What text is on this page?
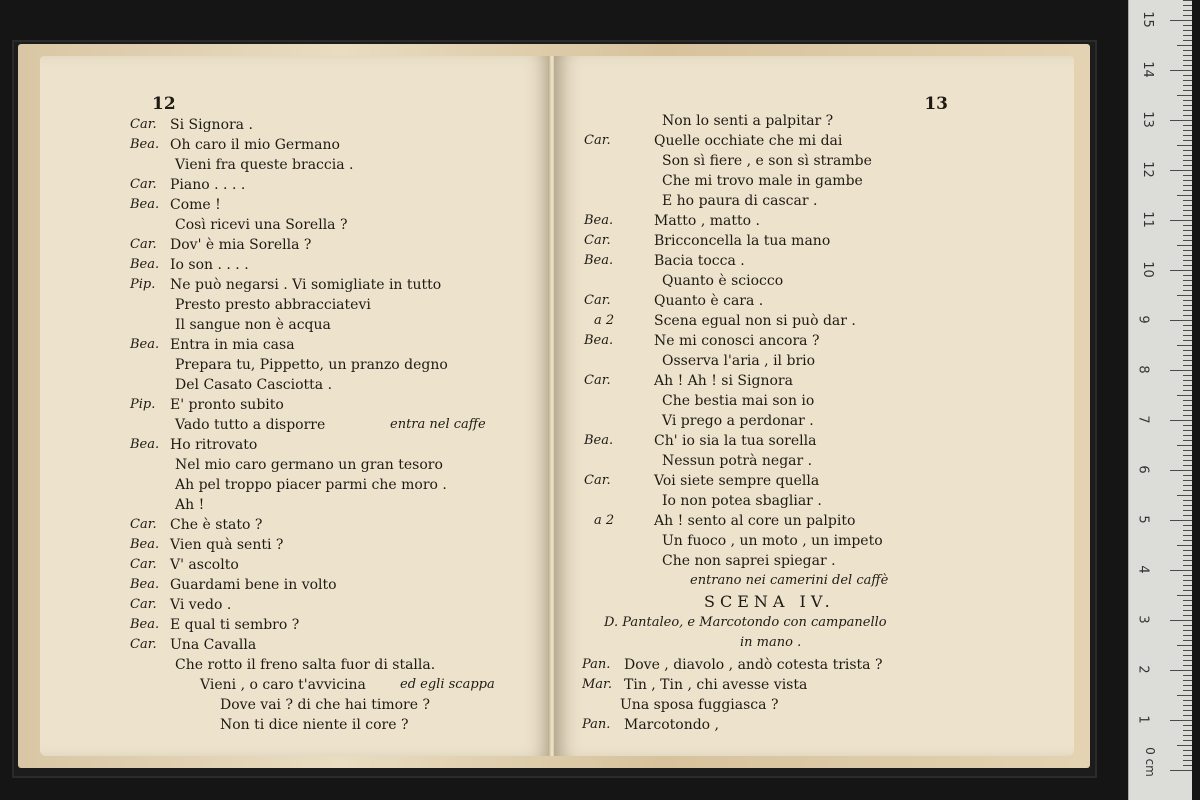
12
Car. Si Signora .
Bea. Oh caro il mio Germano
Vieni fra queste braccia .
Car. Piano . . . .
Bea. Come !
Così ricevi una Sorella ?
Car. Dov' è mia Sorella ?
Bea. Io son . . . .
Pip. Ne può negarsi . Vi somigliate in tutto
Presto presto abbracciatevi
Il sangue non è acqua
Bea. Entra in mia casa
Prepara tu, Pippetto, un pranzo degno
Del Casato Casciotta .
Pip. E' pronto subito
Vado tutto a disporre	entra nel caffe
Bea. Ho ritrovato
Nel mio caro germano un gran tesoro
Ah pel troppo piacer parmi che moro .
Ah !
Car. Che è stato ?
Bea. Vien quà senti ?
Car. V' ascolto
Bea. Guardami bene in volto
Car. Vi vedo .
Bea. E qual ti sembro ?
Car. Una Cavalla
Che rotto il freno salta fuor di stalla.
Vieni , o caro t'avvicina	ed egli scappa
Dove vai ? di che hai timore ?
Non ti dice niente il core ?
13
Non lo senti a palpitar ?
Car.	Quelle occhiate che mi dai
Son sì fiere , e son sì strambe
Che mi trovo male in gambe
E ho paura di cascar .
Bea.	Matto , matto .
Car.	Bricconcella la tua mano
Bea.	Bacia tocca .
Quanto è sciocco
Car.	Quanto è cara .
a 2	Scena egual non si può dar .
Bea.	Ne mi conosci ancora ?
Osserva l'aria , il brio
Car.	Ah ! Ah ! si Signora
Che bestia mai son io
Vi prego a perdonar .
Bea.	Ch' io sia la tua sorella
Nessun potrà negar .
Car.	Voi siete sempre quella
Io non potea sbagliar .
a 2	Ah ! sento al core un palpito
Un fuoco , un moto , un impeto
Che non saprei spiegar .
entrano nei camerini del caffè
SCENA IV.
D. Pantaleo, e Marcotondo con campanello
in mano .
Pan. Dove , diavolo , andò cotesta trista ?
Mar. Tin , Tin , chi avesse vista
Una sposa fuggiasca ?
Pan. Marcotondo ,
0 cm
1
2
3
4
5
6
7
8
9
10
11
12
13
14
15
